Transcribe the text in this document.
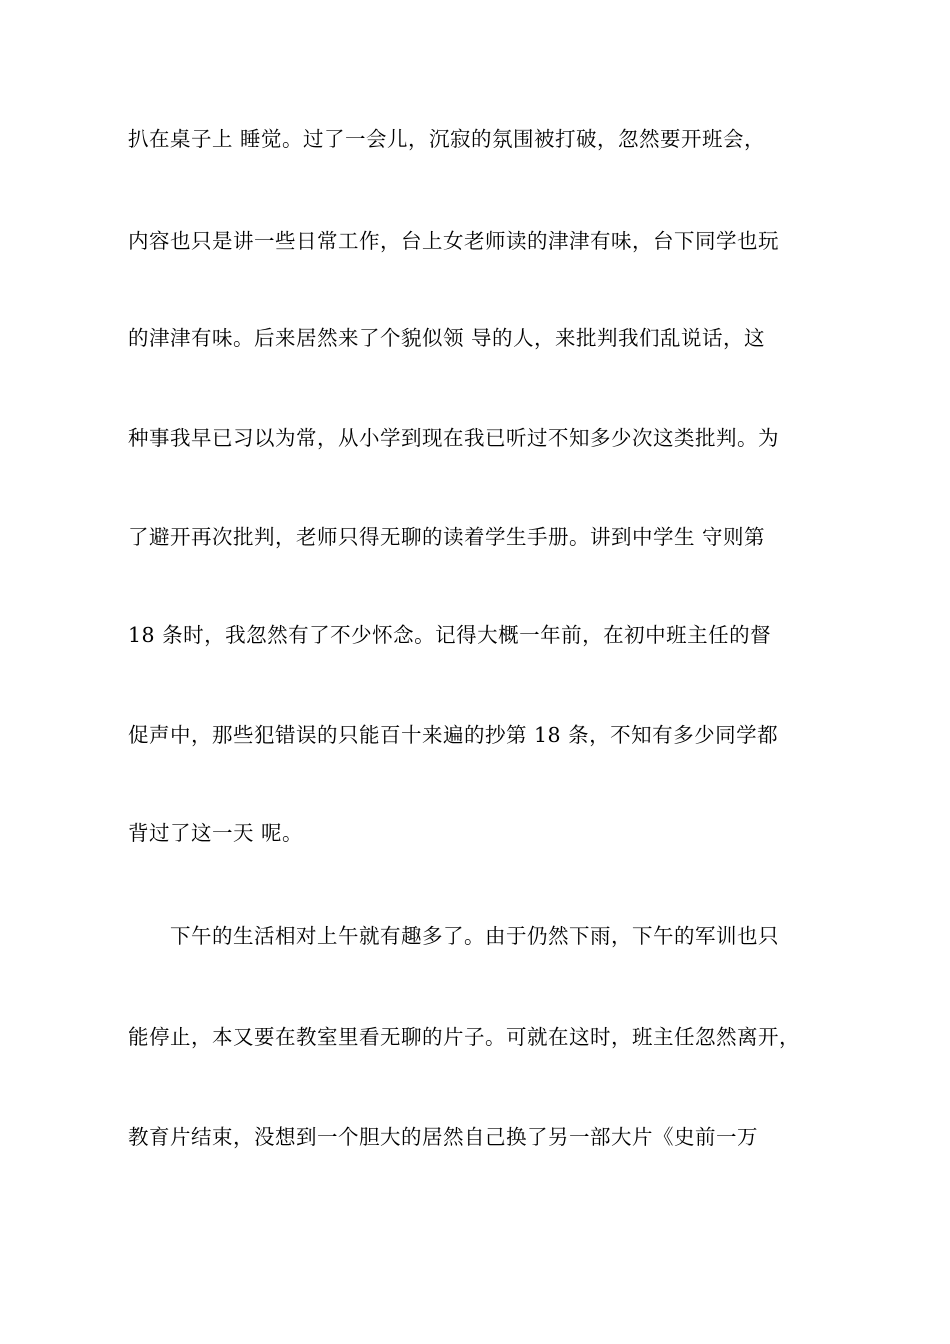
扒在桌子上 睡觉。过了一会儿，沉寂的氛围被打破，忽然要开班会，
内容也只是讲一些日常工作，台上女老师读的津津有味，台下同学也玩
的津津有味。后来居然来了个貌似领 导的人，来批判我们乱说话，这
种事我早已习以为常，从小学到现在我已听过不知多少次这类批判。为
了避开再次批判，老师只得无聊的读着学生手册。讲到中学生 守则第
18 条时，我忽然有了不少怀念。记得大概一年前，在初中班主任的督
促声中，那些犯错误的只能百十来遍的抄第 18 条，不知有多少同学都
背过了这一天 呢。
下午的生活相对上午就有趣多了。由于仍然下雨，下午的军训也只
能停止，本又要在教室里看无聊的片子。可就在这时，班主任忽然离开，
教育片结束，没想到一个胆大的居然自己换了另一部大片《史前一万
